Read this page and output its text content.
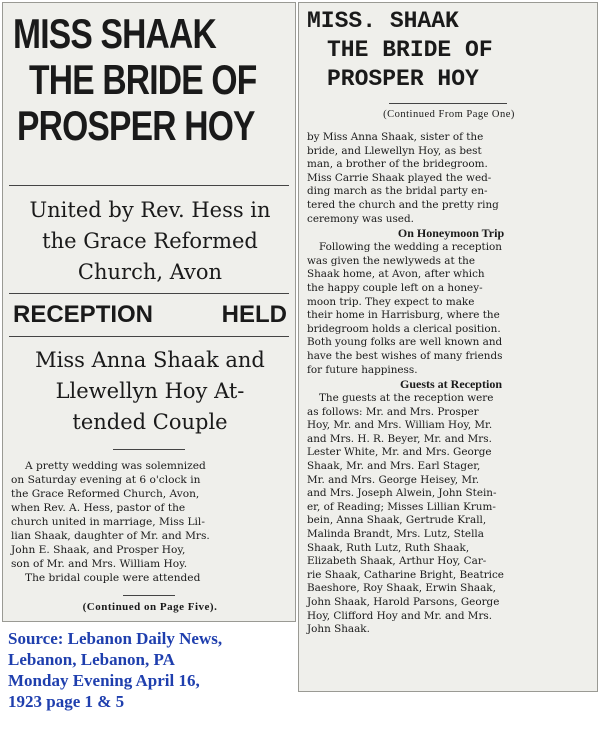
MISS SHAAK

THE BRIDE OF

PROSPER HOY

United by Rev. Hess in

the Grace Reformed

Church, Avon

RECEPTION	HELD

Miss Anna Shaak and

Llewellyn Hoy At-

tended Couple

A pretty wedding was solemnized
on Saturday evening at 6 o'clock in
the Grace Reformed Church, Avon,
when Rev. A. Hess, pastor of the
church united in marriage, Miss Lil-
lian Shaak, daughter of Mr. and Mrs.
John E. Shaak, and Prosper Hoy,
son of Mr. and Mrs. William Hoy.
The bridal couple were attended
(Continued on Page Five).

MISS. SHAAK

THE BRIDE OF

PROSPER HOY

(Continued From Page One)
by Miss Anna Shaak, sister of the
bride, and Llewellyn Hoy, as best
man, a brother of the bridegroom.
Miss Carrie Shaak played the wed-
ding march as the bridal party en-
tered the church and the pretty ring
ceremony was used.
On Honeymoon Trip
Following the wedding a reception
was given the newlyweds at the
Shaak home, at Avon, after which
the happy couple left on a honey-
moon trip. They expect to make
their home in Harrisburg, where the
bridegroom holds a clerical position.
Both young folks are well known and
have the best wishes of many friends
for future happiness.
Guests at Reception
The guests at the reception were
as follows: Mr. and Mrs. Prosper
Hoy, Mr. and Mrs. William Hoy, Mr.
and Mrs. H. R. Beyer, Mr. and Mrs.
Lester White, Mr. and Mrs. George
Shaak, Mr. and Mrs. Earl Stager,
Mr. and Mrs. George Heisey, Mr.
and Mrs. Joseph Alwein, John Stein-
er, of Reading; Misses Lillian Krum-
bein, Anna Shaak, Gertrude Krall,
Malinda Brandt, Mrs. Lutz, Stella
Shaak, Ruth Lutz, Ruth Shaak,
Elizabeth Shaak, Arthur Hoy, Car-
rie Shaak, Catharine Bright, Beatrice
Baeshore, Roy Shaak, Erwin Shaak,
John Shaak, Harold Parsons, George
Hoy, Clifford Hoy and Mr. and Mrs.
John Shaak.
Source: Lebanon Daily News,
Lebanon, Lebanon, PA
Monday Evening April 16,
1923 page 1 & 5
